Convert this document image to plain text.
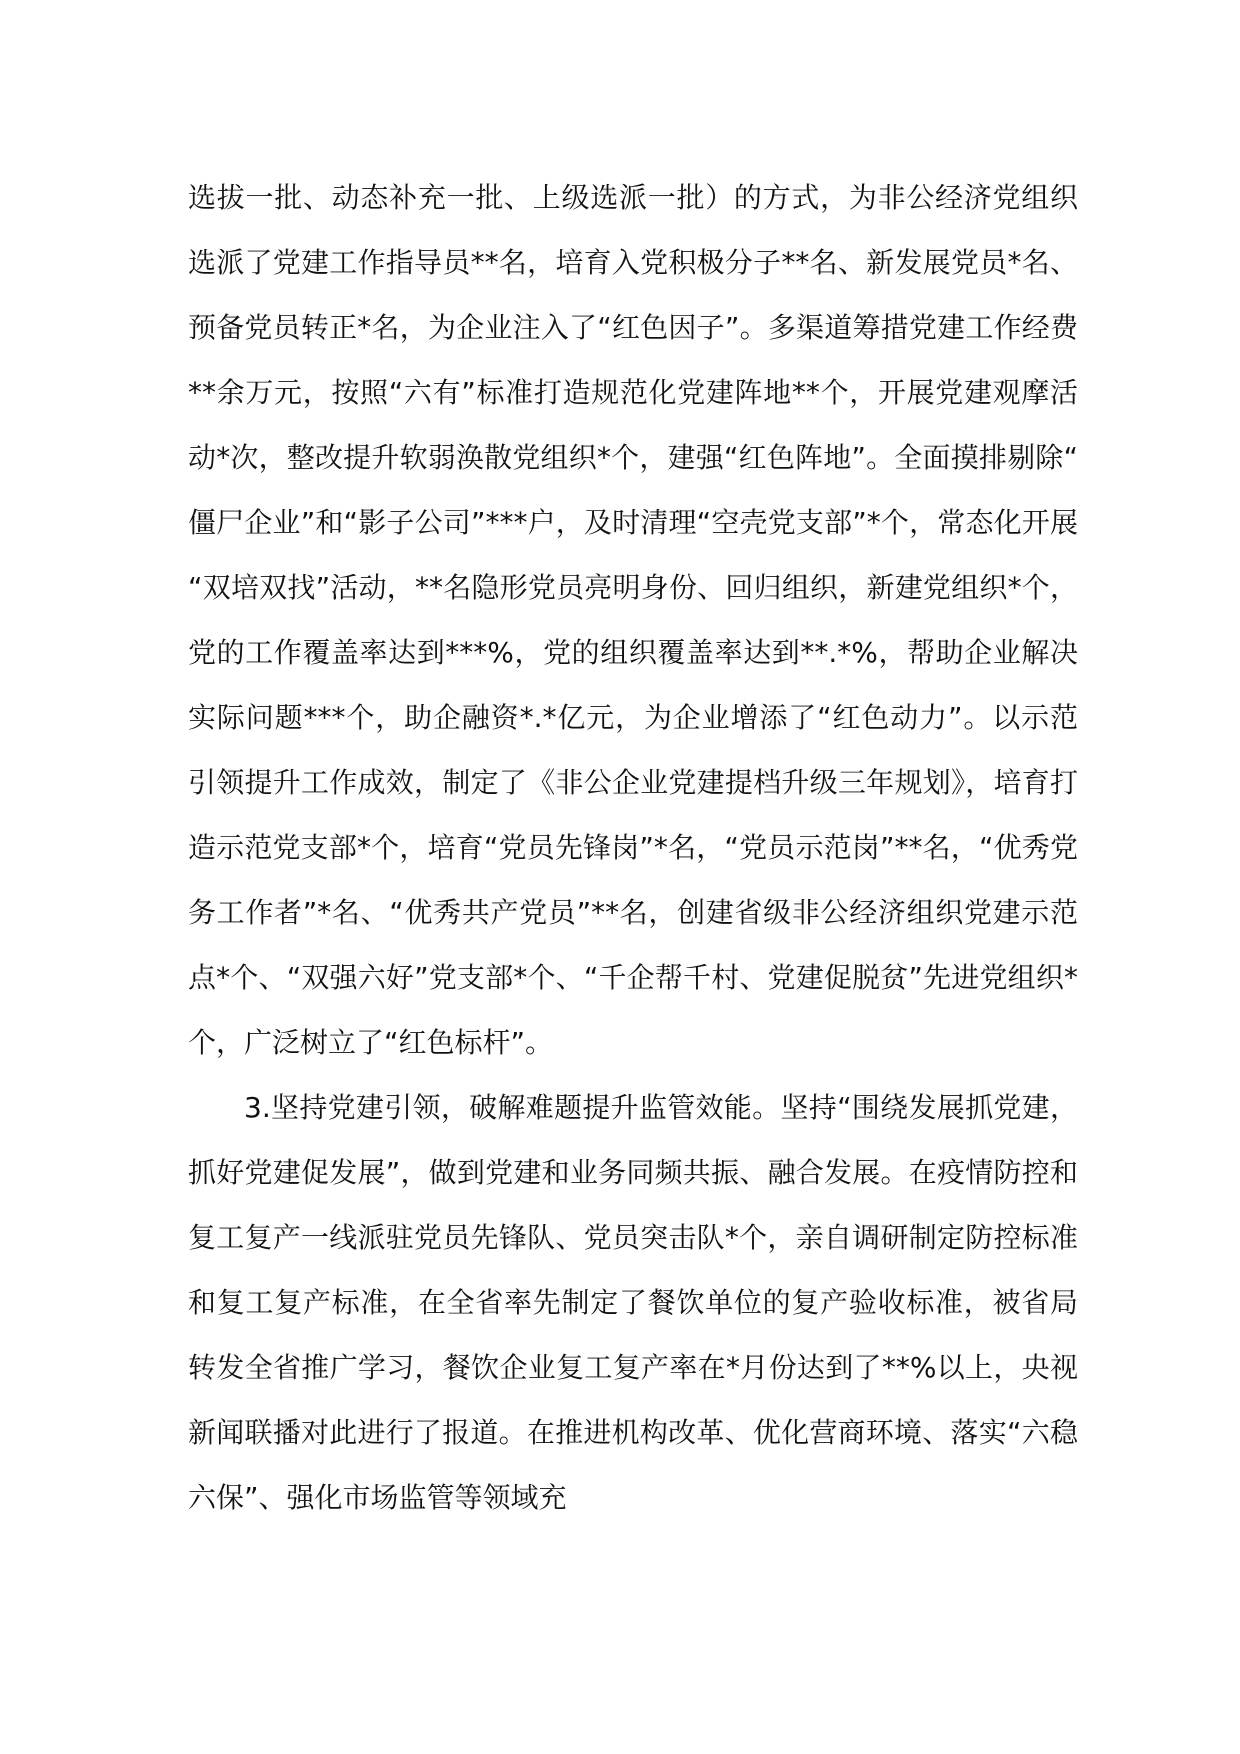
选拔一批、动态补充一批、上级选派一批）的方式，为非公经济党组织选派了党建工作指导员**名，培育入党积极分子**名、新发展党员*名、预备党员转正*名，为企业注入了“红色因子”。多渠道筹措党建工作经费**余万元，按照“六有”标准打造规范化党建阵地**个，开展党建观摩活动*次，整改提升软弱涣散党组织*个，建强“红色阵地”。全面摸排剔除“僵尸企业”和“影子公司”***户，及时清理“空壳党支部”*个，常态化开展“双培双找”活动，**名隐形党员亮明身份、回归组织，新建党组织*个，党的工作覆盖率达到***%，党的组织覆盖率达到**.*%，帮助企业解决实际问题***个，助企融资*.*亿元，为企业增添了“红色动力”。以示范引领提升工作成效，制定了《非公企业党建提档升级三年规划》，培育打造示范党支部*个，培育“党员先锋岗”*名，“党员示范岗”**名，“优秀党务工作者”*名、“优秀共产党员”**名，创建省级非公经济组织党建示范点*个、“双强六好”党支部*个、“千企帮千村、党建促脱贫”先进党组织*个，广泛树立了“红色标杆”。

3.坚持党建引领，破解难题提升监管效能。坚持“围绕发展抓党建，抓好党建促发展”，做到党建和业务同频共振、融合发展。在疫情防控和复工复产一线派驻党员先锋队、党员突击队*个，亲自调研制定防控标准和复工复产标准，在全省率先制定了餐饮单位的复产验收标准，被省局转发全省推广学习，餐饮企业复工复产率在*月份达到了**%以上，央视新闻联播对此进行了报道。在推进机构改革、优化营商环境、落实“六稳六保”、强化市场监管等领域充
